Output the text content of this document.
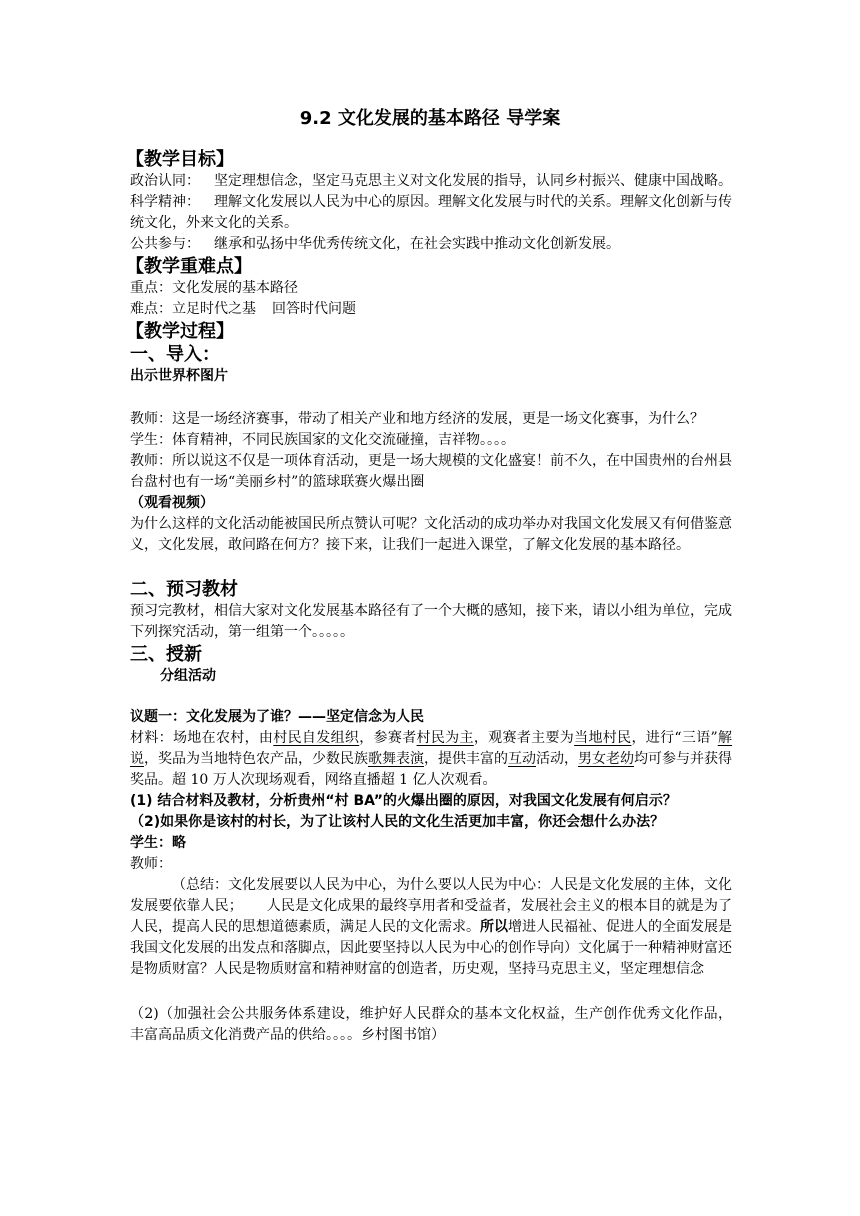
9.2 文化发展的基本路径 导学案
【教学目标】

政治认同： 坚定理想信念，坚定马克思主义对文化发展的指导，认同乡村振兴、健康中国战略。

科学精神： 理解文化发展以人民为中心的原因。理解文化发展与时代的关系。理解文化创新与传统文化，外来文化的关系。

公共参与： 继承和弘扬中华优秀传统文化，在社会实践中推动文化创新发展。

【教学重难点】

重点：文化发展的基本路径

难点：立足时代之基 回答时代问题

【教学过程】
一、导入：

出示世界杯图片

教师：这是一场经济赛事，带动了相关产业和地方经济的发展，更是一场文化赛事，为什么？

学生：体育精神，不同民族国家的文化交流碰撞，吉祥物。。。。

教师：所以说这不仅是一项体育活动，更是一场大规模的文化盛宴！前不久，在中国贵州的台州县台盘村也有一场“美丽乡村”的篮球联赛火爆出圈

（观看视频）

为什么这样的文化活动能被国民所点赞认可呢？文化活动的成功举办对我国文化发展又有何借鉴意义，文化发展，敢问路在何方？接下来，让我们一起进入课堂，了解文化发展的基本路径。

二、预习教材

预习完教材，相信大家对文化发展基本路径有了一个大概的感知，接下来，请以小组为单位，完成下列探究活动，第一组第一个。。。。。

三、授新

分组活动

议题一：文化发展为了谁？——坚定信念为人民

材料：场地在农村，由村民自发组织，参赛者村民为主，观赛者主要为当地村民，进行“三语”解说，奖品为当地特色农产品，少数民族歌舞表演，提供丰富的互动活动，男女老幼均可参与并获得奖品。超 10 万人次现场观看，网络直播超 1 亿人次观看。

(1) 结合材料及教材，分析贵州“村 BA”的火爆出圈的原因，对我国文化发展有何启示？

（2)如果你是该村的村长，为了让该村人民的文化生活更加丰富，你还会想什么办法？

学生：略

教师：

（总结：文化发展要以人民为中心，为什么要以人民为中心：人民是文化发展的主体，文化发展要依靠人民； 人民是文化成果的最终享用者和受益者，发展社会主义的根本目的就是为了人民，提高人民的思想道德素质，满足人民的文化需求。所以增进人民福祉、促进人的全面发展是我国文化发展的出发点和落脚点，因此要坚持以人民为中心的创作导向）文化属于一种精神财富还是物质财富？人民是物质财富和精神财富的创造者，历史观，坚持马克思主义，坚定理想信念

（2)（加强社会公共服务体系建设，维护好人民群众的基本文化权益，生产创作优秀文化作品，丰富高品质文化消费产品的供给。。。。乡村图书馆）
